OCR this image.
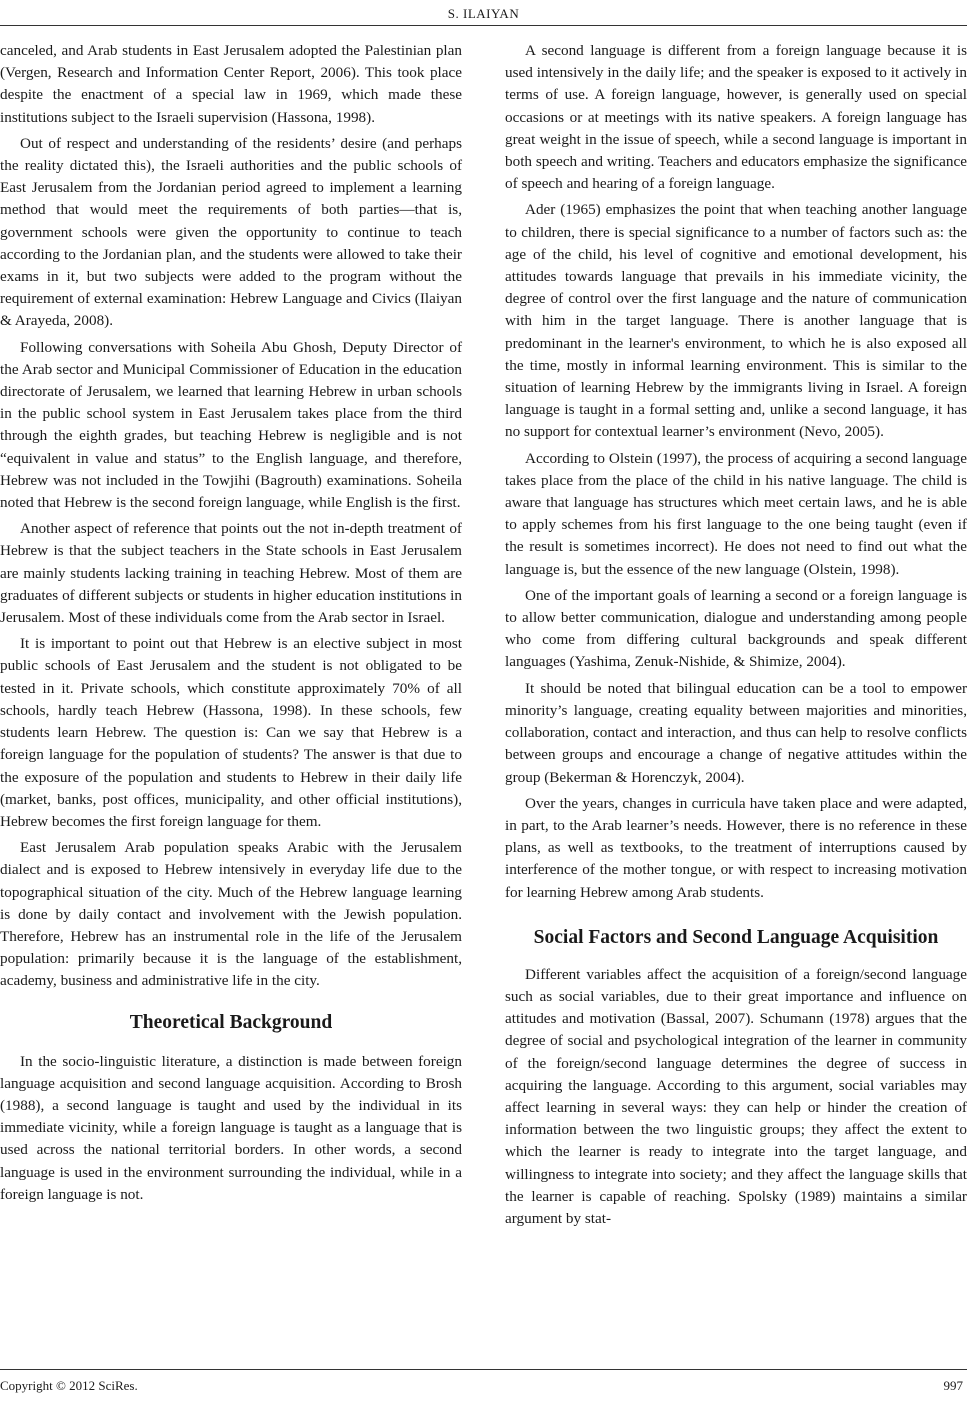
S. ILAIYAN

canceled, and Arab students in East Jerusalem adopted the Palestinian plan (Vergen, Research and Information Center Report, 2006). This took place despite the enactment of a special law in 1969, which made these institutions subject to the Israeli supervision (Hassona, 1998).

Out of respect and understanding of the residents’ desire (and perhaps the reality dictated this), the Israeli authorities and the public schools of East Jerusalem from the Jordanian period agreed to implement a learning method that would meet the requirements of both parties—that is, government schools were given the opportunity to continue to teach according to the Jordanian plan, and the students were allowed to take their exams in it, but two subjects were added to the program without the requirement of external examination: Hebrew Language and Civics (Ilaiyan & Arayeda, 2008).

Following conversations with Soheila Abu Ghosh, Deputy Director of the Arab sector and Municipal Commissioner of Education in the education directorate of Jerusalem, we learned that learning Hebrew in urban schools in the public school system in East Jerusalem takes place from the third through the eighth grades, but teaching Hebrew is negligible and is not “equivalent in value and status” to the English language, and therefore, Hebrew was not included in the Towjihi (Bagrouth) examinations. Soheila noted that Hebrew is the second foreign language, while English is the first.

Another aspect of reference that points out the not in-depth treatment of Hebrew is that the subject teachers in the State schools in East Jerusalem are mainly students lacking training in teaching Hebrew. Most of them are graduates of different subjects or students in higher education institutions in Jerusalem. Most of these individuals come from the Arab sector in Israel.

It is important to point out that Hebrew is an elective subject in most public schools of East Jerusalem and the student is not obligated to be tested in it. Private schools, which constitute approximately 70% of all schools, hardly teach Hebrew (Hassona, 1998). In these schools, few students learn Hebrew. The question is: Can we say that Hebrew is a foreign language for the population of students? The answer is that due to the exposure of the population and students to Hebrew in their daily life (market, banks, post offices, municipality, and other official institutions), Hebrew becomes the first foreign language for them.

East Jerusalem Arab population speaks Arabic with the Jerusalem dialect and is exposed to Hebrew intensively in everyday life due to the topographical situation of the city. Much of the Hebrew language learning is done by daily contact and involvement with the Jewish population. Therefore, Hebrew has an instrumental role in the life of the Jerusalem population: primarily because it is the language of the establishment, academy, business and administrative life in the city.

Theoretical Background

In the socio-linguistic literature, a distinction is made between foreign language acquisition and second language acquisition. According to Brosh (1988), a second language is taught and used by the individual in its immediate vicinity, while a foreign language is taught as a language that is used across the national territorial borders. In other words, a second language is used in the environment surrounding the individual, while in a foreign language is not.

A second language is different from a foreign language because it is used intensively in the daily life; and the speaker is exposed to it actively in terms of use. A foreign language, however, is generally used on special occasions or at meetings with its native speakers. A foreign language has great weight in the issue of speech, while a second language is important in both speech and writing. Teachers and educators emphasize the significance of speech and hearing of a foreign language.

Ader (1965) emphasizes the point that when teaching another language to children, there is special significance to a number of factors such as: the age of the child, his level of cognitive and emotional development, his attitudes towards language that prevails in his immediate vicinity, the degree of control over the first language and the nature of communication with him in the target language. There is another language that is predominant in the learner's environment, to which he is also exposed all the time, mostly in informal learning environment. This is similar to the situation of learning Hebrew by the immigrants living in Israel. A foreign language is taught in a formal setting and, unlike a second language, it has no support for contextual learner’s environment (Nevo, 2005).

According to Olstein (1997), the process of acquiring a second language takes place from the place of the child in his native language. The child is aware that language has structures which meet certain laws, and he is able to apply schemes from his first language to the one being taught (even if the result is sometimes incorrect). He does not need to find out what the language is, but the essence of the new language (Olstein, 1998).

One of the important goals of learning a second or a foreign language is to allow better communication, dialogue and understanding among people who come from differing cultural backgrounds and speak different languages (Yashima, Zenuk-Nishide, & Shimize, 2004).

It should be noted that bilingual education can be a tool to empower minority’s language, creating equality between majorities and minorities, collaboration, contact and interaction, and thus can help to resolve conflicts between groups and encourage a change of negative attitudes within the group (Bekerman & Horenczyk, 2004).

Over the years, changes in curricula have taken place and were adapted, in part, to the Arab learner’s needs. However, there is no reference in these plans, as well as textbooks, to the treatment of interruptions caused by interference of the mother tongue, or with respect to increasing motivation for learning Hebrew among Arab students.

Social Factors and Second Language Acquisition

Different variables affect the acquisition of a foreign/second language such as social variables, due to their great importance and influence on attitudes and motivation (Bassal, 2007). Schumann (1978) argues that the degree of social and psychological integration of the learner in community of the foreign/second language determines the degree of success in acquiring the language. According to this argument, social variables may affect learning in several ways: they can help or hinder the creation of information between the two linguistic groups; they affect the extent to which the learner is ready to integrate into the target language, and willingness to integrate into society; and they affect the language skills that the learner is capable of reaching. Spolsky (1989) maintains a similar argument by stat-

Copyright © 2012 SciRes.	997
